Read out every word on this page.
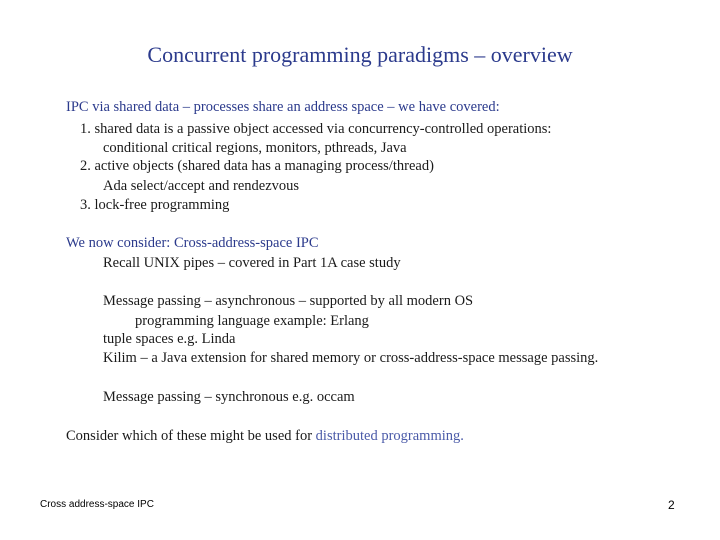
Concurrent programming paradigms – overview
IPC via shared data – processes share an address space – we have covered:
1. shared data is a passive object accessed via concurrency-controlled operations:
conditional critical regions, monitors, pthreads, Java
2. active objects (shared data has a managing process/thread)
Ada select/accept and rendezvous
3. lock-free programming
We now consider: Cross-address-space IPC
Recall UNIX pipes – covered in Part 1A case study
Message passing – asynchronous – supported by all modern OS
programming language example: Erlang
tuple spaces e.g. Linda
Kilim – a Java extension for shared memory or cross-address-space message passing.
Message passing – synchronous e.g. occam
Consider which of these might be used for distributed programming.
Cross address-space IPC	2
